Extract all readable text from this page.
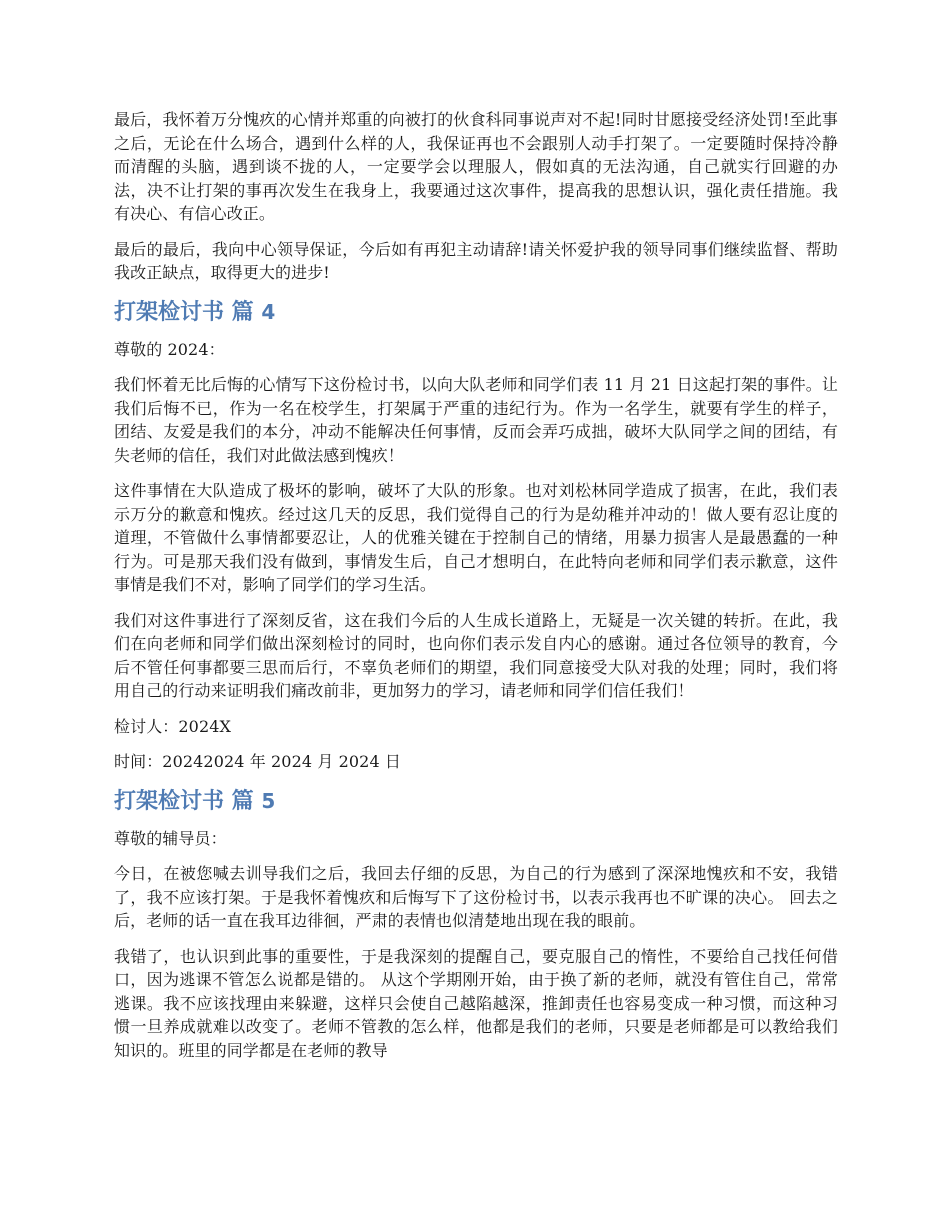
最后，我怀着万分愧疚的心情并郑重的向被打的伙食科同事说声对不起!同时甘愿接受经济处罚!至此事之后，无论在什么场合，遇到什么样的人，我保证再也不会跟别人动手打架了。一定要随时保持冷静而清醒的头脑，遇到谈不拢的人，一定要学会以理服人，假如真的无法沟通，自己就实行回避的办法，决不让打架的事再次发生在我身上，我要通过这次事件，提高我的思想认识，强化责任措施。我有决心、有信心改正。

最后的最后，我向中心领导保证，今后如有再犯主动请辞!请关怀爱护我的领导同事们继续监督、帮助我改正缺点，取得更大的进步!

打架检讨书 篇 4

尊敬的 2024：

我们怀着无比后悔的心情写下这份检讨书，以向大队老师和同学们表 11 月 21 日这起打架的事件。让我们后悔不已，作为一名在校学生，打架属于严重的违纪行为。作为一名学生，就要有学生的样子，团结、友爱是我们的本分，冲动不能解决任何事情，反而会弄巧成拙，破坏大队同学之间的团结，有失老师的信任，我们对此做法感到愧疚！

这件事情在大队造成了极坏的影响，破坏了大队的形象。也对刘松林同学造成了损害，在此，我们表示万分的歉意和愧疚。经过这几天的反思，我们觉得自己的行为是幼稚并冲动的！做人要有忍让度的道理，不管做什么事情都要忍让，人的优雅关键在于控制自己的情绪，用暴力损害人是最愚蠢的一种行为。可是那天我们没有做到，事情发生后，自己才想明白，在此特向老师和同学们表示歉意，这件事情是我们不对，影响了同学们的学习生活。

我们对这件事进行了深刻反省，这在我们今后的人生成长道路上，无疑是一次关键的转折。在此，我们在向老师和同学们做出深刻检讨的同时，也向你们表示发自内心的感谢。通过各位领导的教育，今后不管任何事都要三思而后行，不辜负老师们的期望，我们同意接受大队对我的处理；同时，我们将用自己的行动来证明我们痛改前非，更加努力的学习，请老师和同学们信任我们！

检讨人：2024X

时间：20242024 年 2024 月 2024 日

打架检讨书 篇 5

尊敬的辅导员：

今日，在被您喊去训导我们之后，我回去仔细的反思，为自己的行为感到了深深地愧疚和不安，我错了，我不应该打架。于是我怀着愧疚和后悔写下了这份检讨书，以表示我再也不旷课的决心。 回去之后，老师的话一直在我耳边徘徊，严肃的表情也似清楚地出现在我的眼前。

我错了，也认识到此事的重要性，于是我深刻的提醒自己，要克服自己的惰性，不要给自己找任何借口，因为逃课不管怎么说都是错的。 从这个学期刚开始，由于换了新的老师，就没有管住自己，常常逃课。我不应该找理由来躲避，这样只会使自己越陷越深，推卸责任也容易变成一种习惯，而这种习惯一旦养成就难以改变了。老师不管教的怎么样，他都是我们的老师，只要是老师都是可以教给我们知识的。班里的同学都是在老师的教导
